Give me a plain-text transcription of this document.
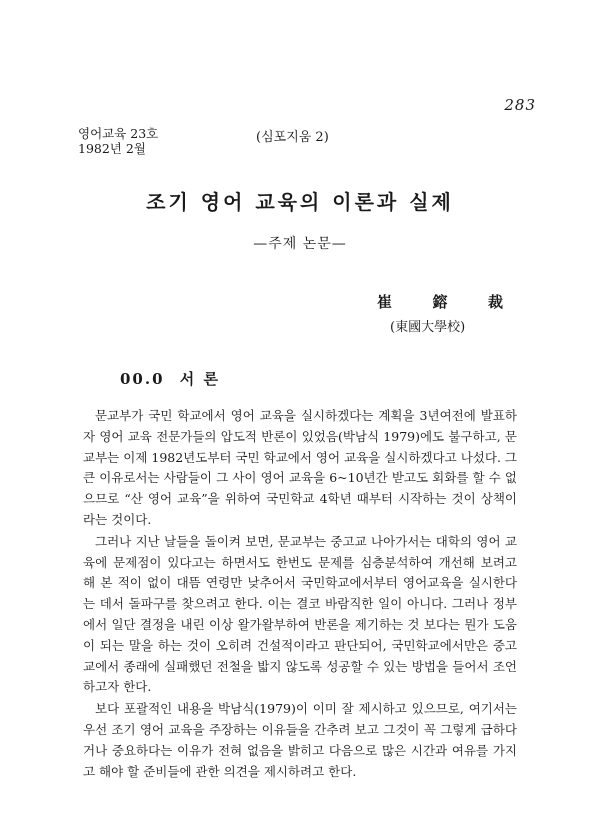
283
영어교육 23호
1982년 2월
(심포지움 2)
조기 영어 교육의 이론과 실제
—주제 논문—
崔	鎔	裁
(東國大學校)
00.0 서 론

문교부가 국민 학교에서 영어 교육을 실시하겠다는 계획을 3년여전에 발표하자 영어 교육 전문가들의 압도적 반론이 있었음(박남식 1979)에도 불구하고, 문교부는 이제 1982년도부터 국민 학교에서 영어 교육을 실시하겠다고 나섰다. 그 큰 이유로서는 사람들이 그 사이 영어 교육을 6~10년간 받고도 회화를 할 수 없으므로 “산 영어 교육”을 위하여 국민학교 4학년 때부터 시작하는 것이 상책이라는 것이다.

그러나 지난 날들을 돌이켜 보면, 문교부는 중고교 나아가서는 대학의 영어 교육에 문제점이 있다고는 하면서도 한번도 문제를 심층분석하여 개선해 보려고 해 본 적이 없이 대뜸 연령만 낮추어서 국민학교에서부터 영어교육을 실시한다는 데서 돌파구를 찾으려고 한다. 이는 결코 바람직한 일이 아니다. 그러나 정부에서 일단 결정을 내린 이상 왈가왈부하여 반론을 제기하는 것 보다는 뭔가 도움이 되는 말을 하는 것이 오히려 건설적이라고 판단되어, 국민학교에서만은 중고교에서 종래에 실패했던 전철을 밟지 않도록 성공할 수 있는 방법을 들어서 조언하고자 한다.

보다 포괄적인 내용을 박남식(1979)이 이미 잘 제시하고 있으므로, 여기서는 우선 조기 영어 교육을 주장하는 이유들을 간추려 보고 그것이 꼭 그렇게 급하다거나 중요하다는 이유가 전혀 없음을 밝히고 다음으로 많은 시간과 여유를 가지고 해야 할 준비들에 관한 의견을 제시하려고 한다.
